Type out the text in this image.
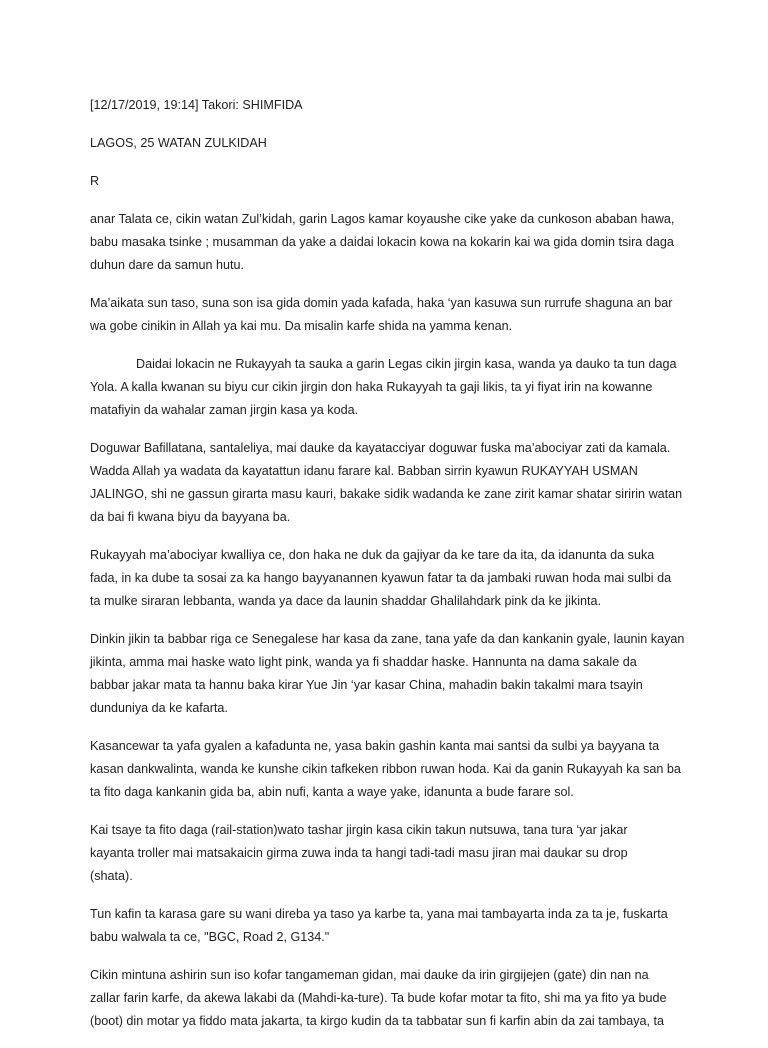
[12/17/2019, 19:14] Takori: SHIMFIDA

LAGOS, 25 WATAN ZULKIDAH

R

anar Talata ce, cikin watan Zul’kidah, garin Lagos kamar koyaushe cike yake da cunkoson ababan hawa,
babu masaka tsinke ; musamman da yake a daidai lokacin kowa na kokarin kai wa gida domin tsira daga
duhun dare da samun hutu.

Ma’aikata sun taso, suna son isa gida domin yada kafada, haka ‘yan kasuwa sun rurrufe shaguna an bar
wa gobe cinikin in Allah ya kai mu. Da misalin karfe shida na yamma kenan.

Daidai lokacin ne Rukayyah ta sauka a garin Legas cikin jirgin kasa, wanda ya dauko ta tun daga
Yola. A kalla kwanan su biyu cur cikin jirgin don haka Rukayyah ta gaji likis, ta yi fiyat irin na kowanne
matafiyin da wahalar zaman jirgin kasa ya koda.

Doguwar Bafillatana, santaleliya, mai dauke da kayatacciyar doguwar fuska ma’abociyar zati da kamala.
Wadda Allah ya wadata da kayatattun idanu farare kal. Babban sirrin kyawun RUKAYYAH USMAN
JALINGO, shi ne gassun girarta masu kauri, bakake sidik wadanda ke zane zirit kamar shatar siririn watan
da bai fi kwana biyu da bayyana ba.

Rukayyah ma’abociyar kwalliya ce, don haka ne duk da gajiyar da ke tare da ita, da idanunta da suka
fada, in ka dube ta sosai za ka hango bayyanannen kyawun fatar ta da jambaki ruwan hoda mai sulbi da
ta mulke siraran lebbanta, wanda ya dace da launin shaddar Ghalilahdark pink da ke jikinta.

Dinkin jikin ta babbar riga ce Senegalese har kasa da zane, tana yafe da dan kankanin gyale, launin kayan
jikinta, amma mai haske wato light pink, wanda ya fi shaddar haske. Hannunta na dama sakale da
babbar jakar mata ta hannu baka kirar Yue Jin ‘yar kasar China, mahadin bakin takalmi mara tsayin
dunduniya da ke kafarta.

Kasancewar ta yafa gyalen a kafadunta ne, yasa bakin gashin kanta mai santsi da sulbi ya bayyana ta
kasan dankwalinta, wanda ke kunshe cikin tafkeken ribbon ruwan hoda. Kai da ganin Rukayyah ka san ba
ta fito daga kankanin gida ba, abin nufi, kanta a waye yake, idanunta a bude farare sol.

Kai tsaye ta fito daga (rail-station)wato tashar jirgin kasa cikin takun nutsuwa, tana tura ‘yar jakar
kayanta troller mai matsakaicin girma zuwa inda ta hangi tadi-tadi masu jiran mai daukar su drop
(shata).

Tun kafin ta karasa gare su wani direba ya taso ya karbe ta, yana mai tambayarta inda za ta je, fuskarta
babu walwala ta ce, "BGC, Road 2, G134."

Cikin mintuna ashirin sun iso kofar tangameman gidan, mai dauke da irin girgijejen (gate) din nan na
zallar farin karfe, da akewa lakabi da (Mahdi-ka-ture). Ta bude kofar motar ta fito, shi ma ya fito ya bude
(boot) din motar ya fiddo mata jakarta, ta kirgo kudin da ta tabbatar sun fi karfin abin da zai tambaya, ta
